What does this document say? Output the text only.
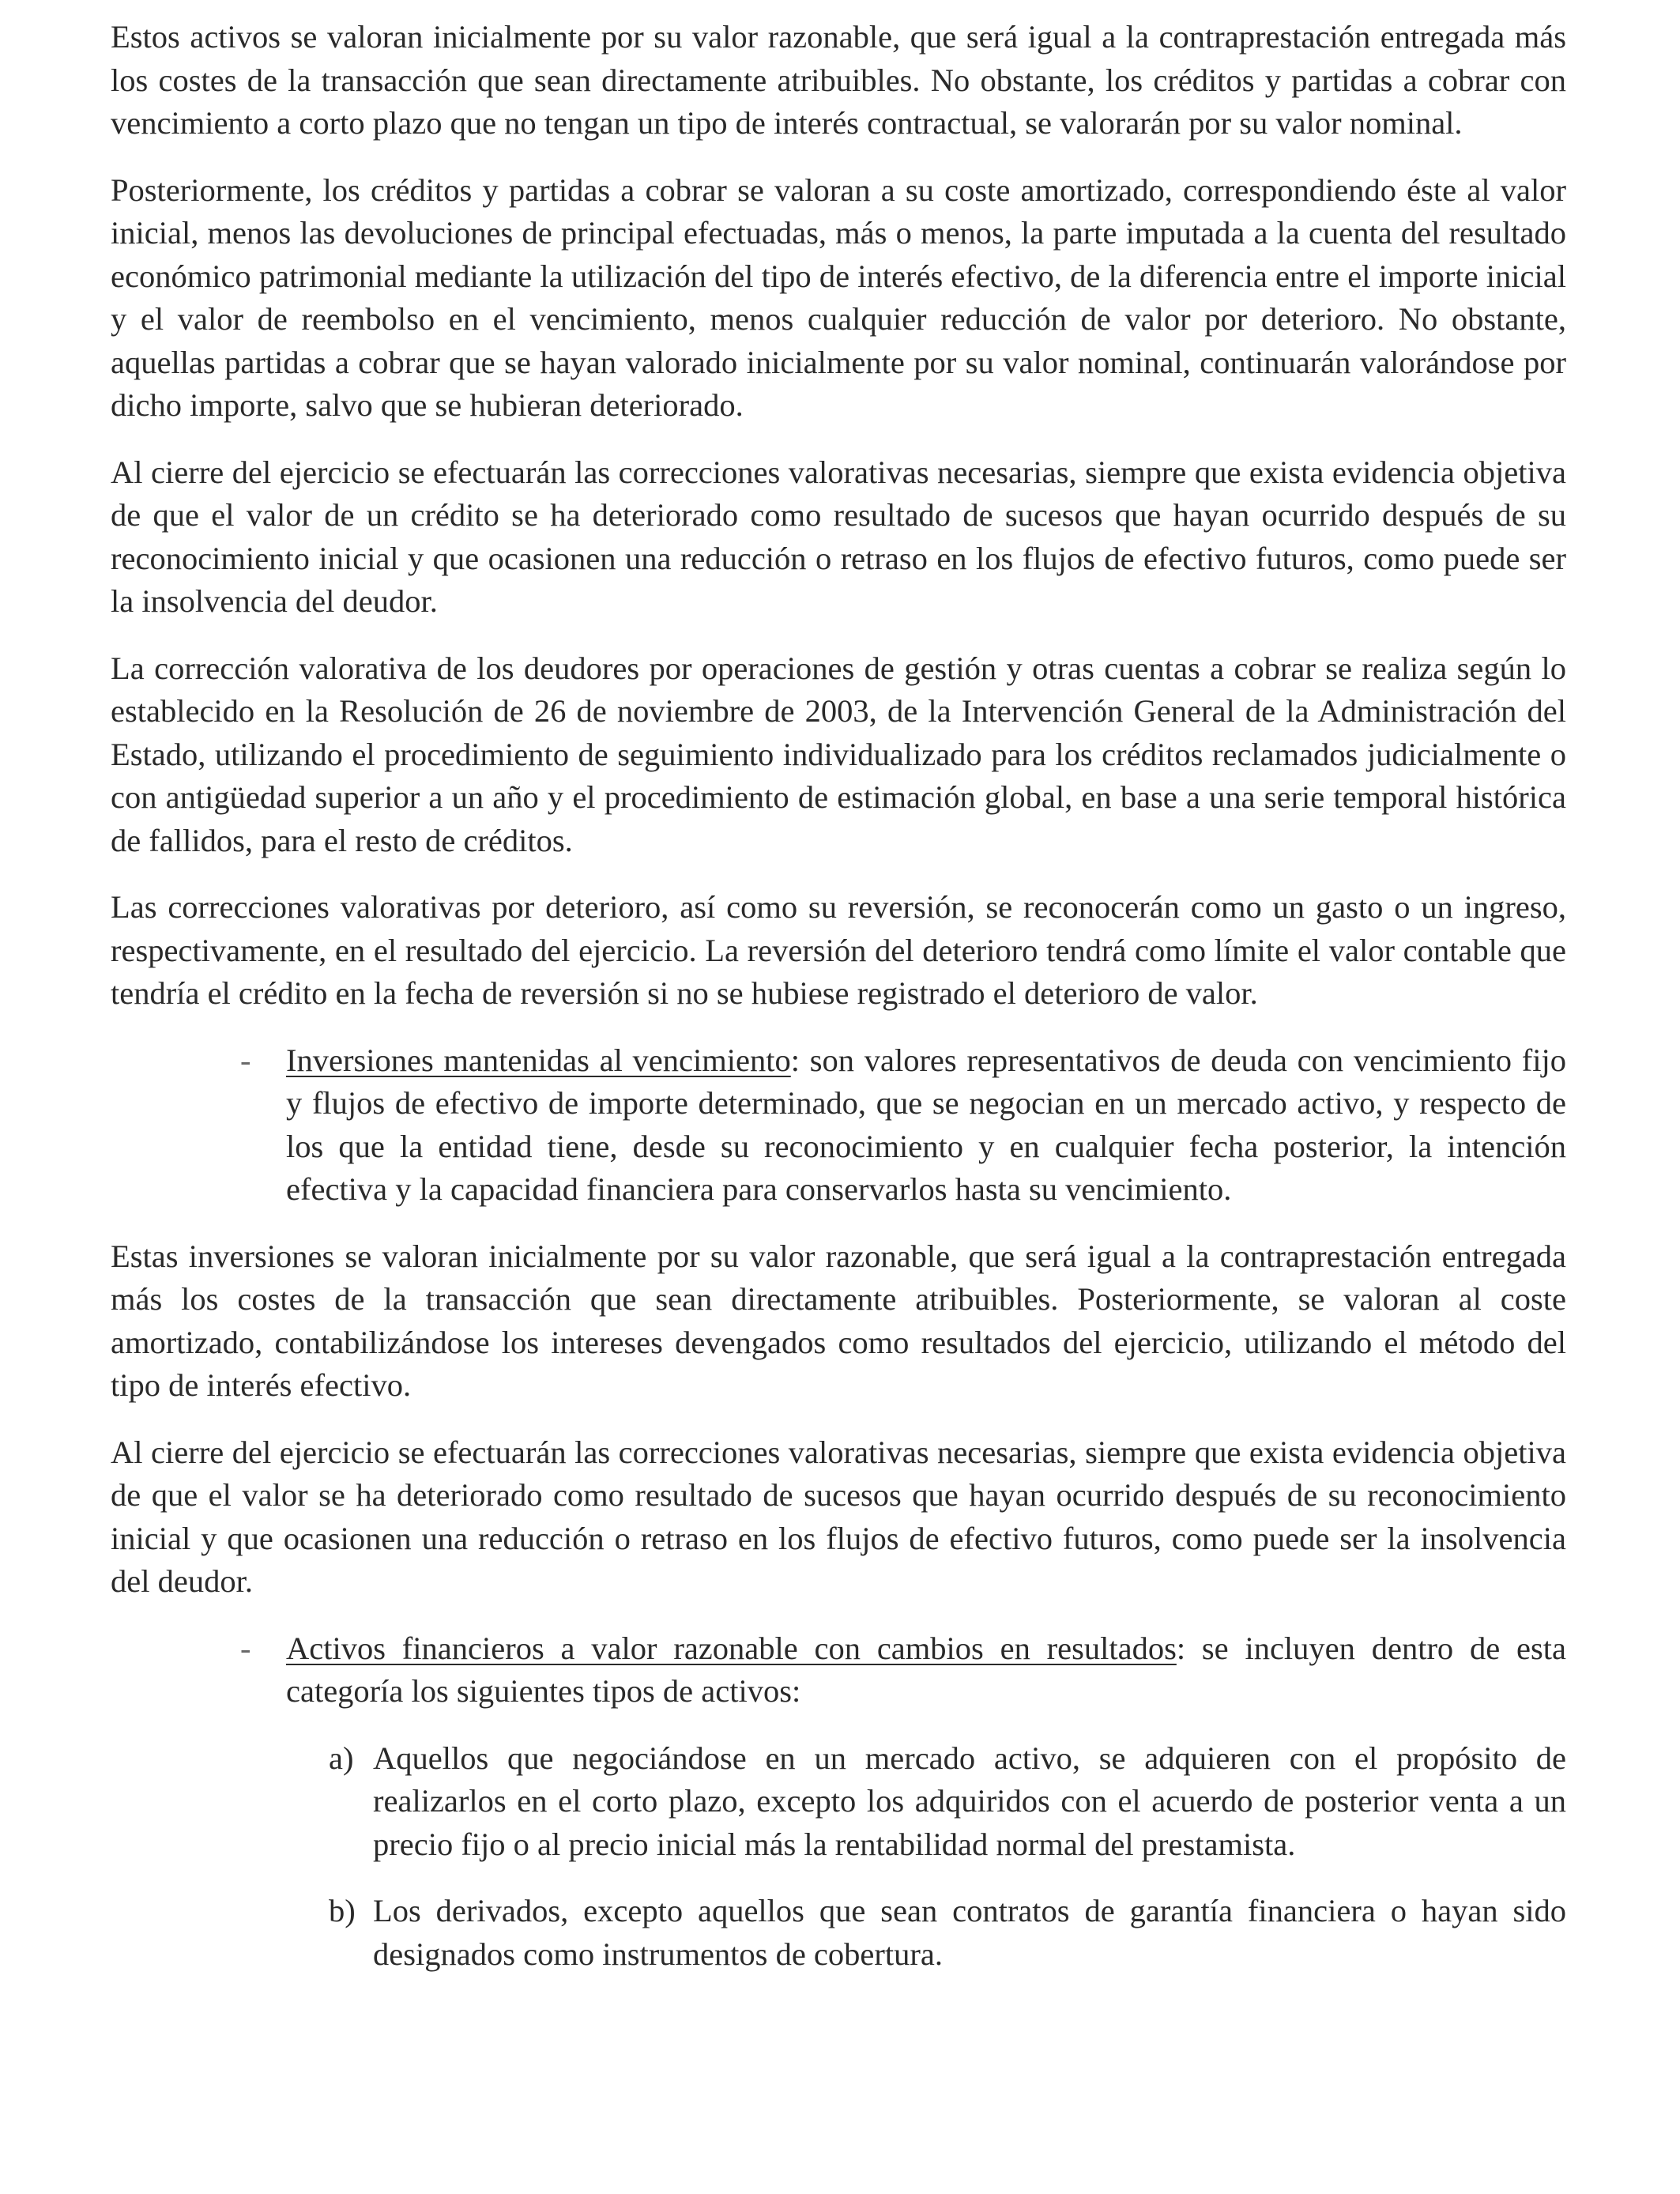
Estos activos se valoran inicialmente por su valor razonable, que será igual a la contraprestación entregada más los costes de la transacción que sean directamente atribuibles. No obstante, los créditos y partidas a cobrar con vencimiento a corto plazo que no tengan un tipo de interés contractual, se valorarán por su valor nominal.

Posteriormente, los créditos y partidas a cobrar se valoran a su coste amortizado, correspondiendo éste al valor inicial, menos las devoluciones de principal efectuadas, más o menos, la parte imputada a la cuenta del resultado económico patrimonial mediante la utilización del tipo de interés efectivo, de la diferencia entre el importe inicial y el valor de reembolso en el vencimiento, menos cualquier reducción de valor por deterioro. No obstante, aquellas partidas a cobrar que se hayan valorado inicialmente por su valor nominal, continuarán valorándose por dicho importe, salvo que se hubieran deteriorado.

Al cierre del ejercicio se efectuarán las correcciones valorativas necesarias, siempre que exista evidencia objetiva de que el valor de un crédito se ha deteriorado como resultado de sucesos que hayan ocurrido después de su reconocimiento inicial y que ocasionen una reducción o retraso en los flujos de efectivo futuros, como puede ser la insolvencia del deudor.

La corrección valorativa de los deudores por operaciones de gestión y otras cuentas a cobrar se realiza según lo establecido en la Resolución de 26 de noviembre de 2003, de la Intervención General de la Administración del Estado, utilizando el procedimiento de seguimiento individualizado para los créditos reclamados judicialmente o con antigüedad superior a un año y el procedimiento de estimación global, en base a una serie temporal histórica de fallidos, para el resto de créditos.

Las correcciones valorativas por deterioro, así como su reversión, se reconocerán como un gasto o un ingreso, respectivamente, en el resultado del ejercicio. La reversión del deterioro tendrá como límite el valor contable que tendría el crédito en la fecha de reversión si no se hubiese registrado el deterioro de valor.

- Inversiones mantenidas al vencimiento: son valores representativos de deuda con vencimiento fijo y flujos de efectivo de importe determinado, que se negocian en un mercado activo, y respecto de los que la entidad tiene, desde su reconocimiento y en cualquier fecha posterior, la intención efectiva y la capacidad financiera para conservarlos hasta su vencimiento.

Estas inversiones se valoran inicialmente por su valor razonable, que será igual a la contraprestación entregada más los costes de la transacción que sean directamente atribuibles. Posteriormente, se valoran al coste amortizado, contabilizándose los intereses devengados como resultados del ejercicio, utilizando el método del tipo de interés efectivo.

Al cierre del ejercicio se efectuarán las correcciones valorativas necesarias, siempre que exista evidencia objetiva de que el valor se ha deteriorado como resultado de sucesos que hayan ocurrido después de su reconocimiento inicial y que ocasionen una reducción o retraso en los flujos de efectivo futuros, como puede ser la insolvencia del deudor.

- Activos financieros a valor razonable con cambios en resultados: se incluyen dentro de esta categoría los siguientes tipos de activos:
a) Aquellos que negociándose en un mercado activo, se adquieren con el propósito de realizarlos en el corto plazo, excepto los adquiridos con el acuerdo de posterior venta a un precio fijo o al precio inicial más la rentabilidad normal del prestamista.
b) Los derivados, excepto aquellos que sean contratos de garantía financiera o hayan sido designados como instrumentos de cobertura.
